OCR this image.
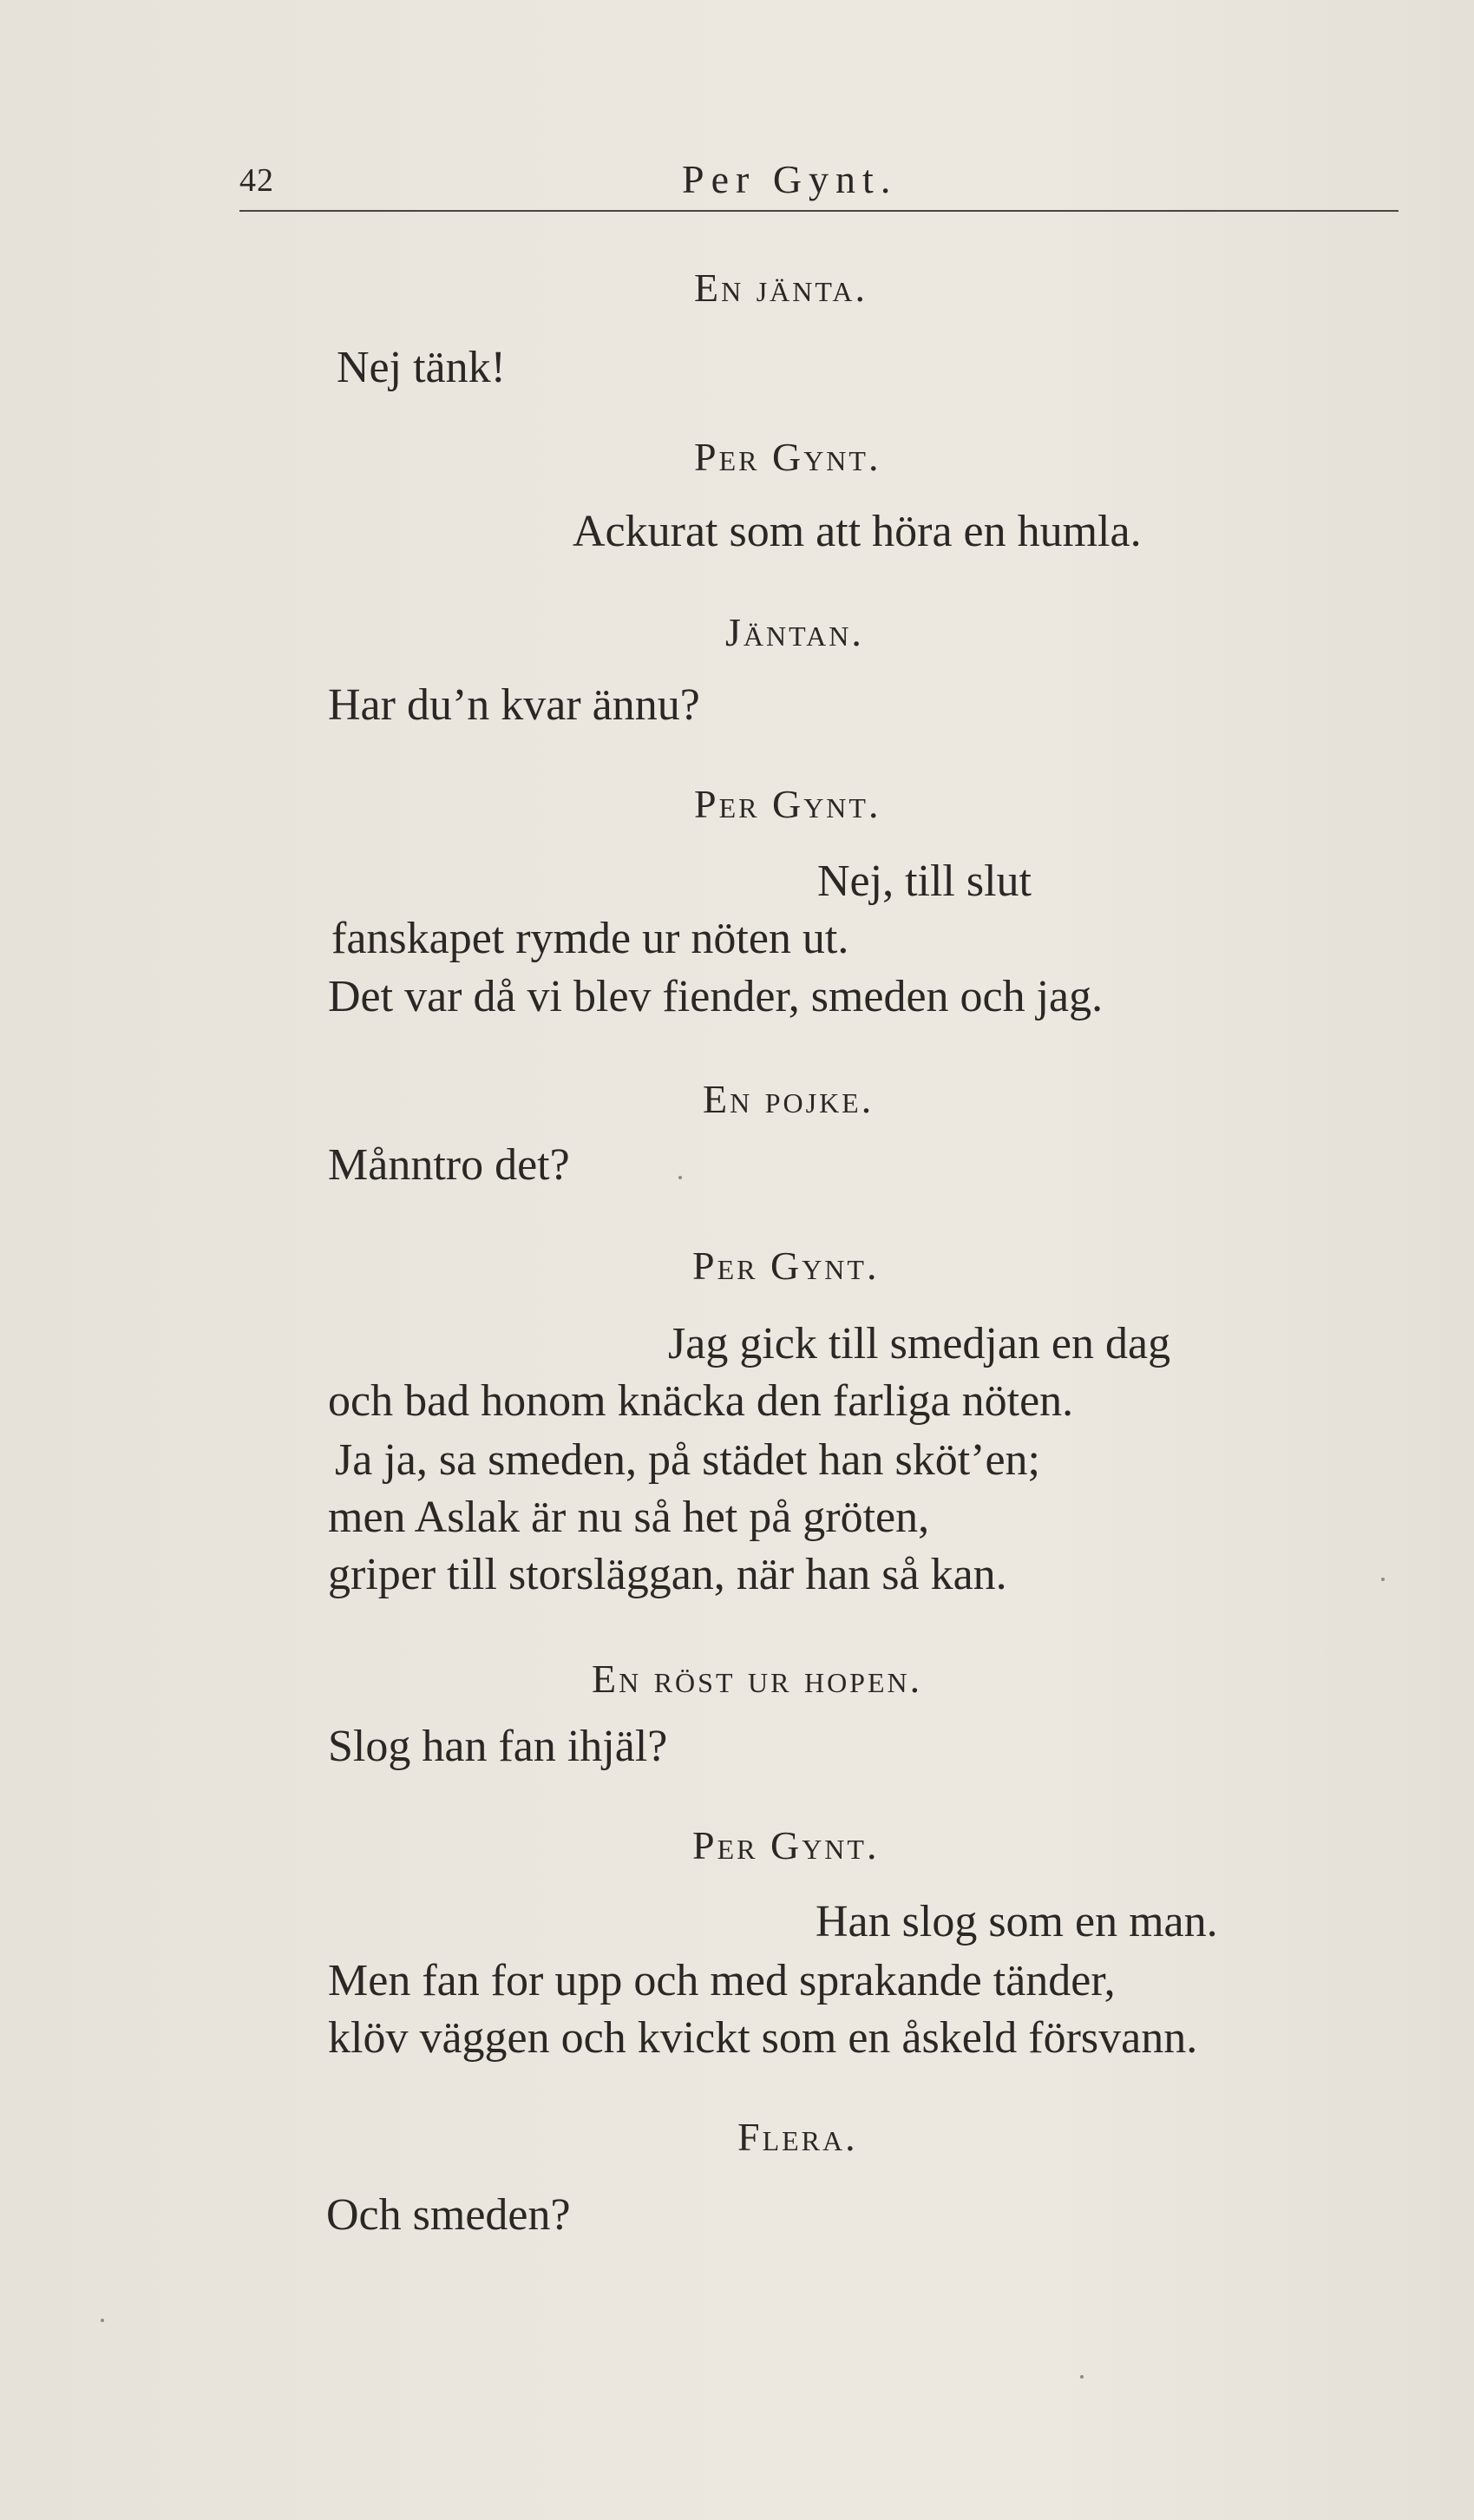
42	Per Gynt.
En jänta.
Nej tänk!
Per Gynt.
Ackurat som att höra en humla.
Jäntan.
Har du’n kvar ännu?
Per Gynt.
Nej, till slut
fanskapet rymde ur nöten ut.
Det var då vi blev fiender, smeden och jag.
En pojke.
Månntro det?
Per Gynt.
Jag gick till smedjan en dag
och bad honom knäcka den farliga nöten.
Ja ja, sa smeden, på städet han sköt’en;
men Aslak är nu så het på gröten,
griper till storsläggan, när han så kan.
En röst ur hopen.
Slog han fan ihjäl?
Per Gynt.
Han slog som en man.
Men fan for upp och med sprakande tänder,
klöv väggen och kvickt som en åskeld försvann.
Flera.
Och smeden?
